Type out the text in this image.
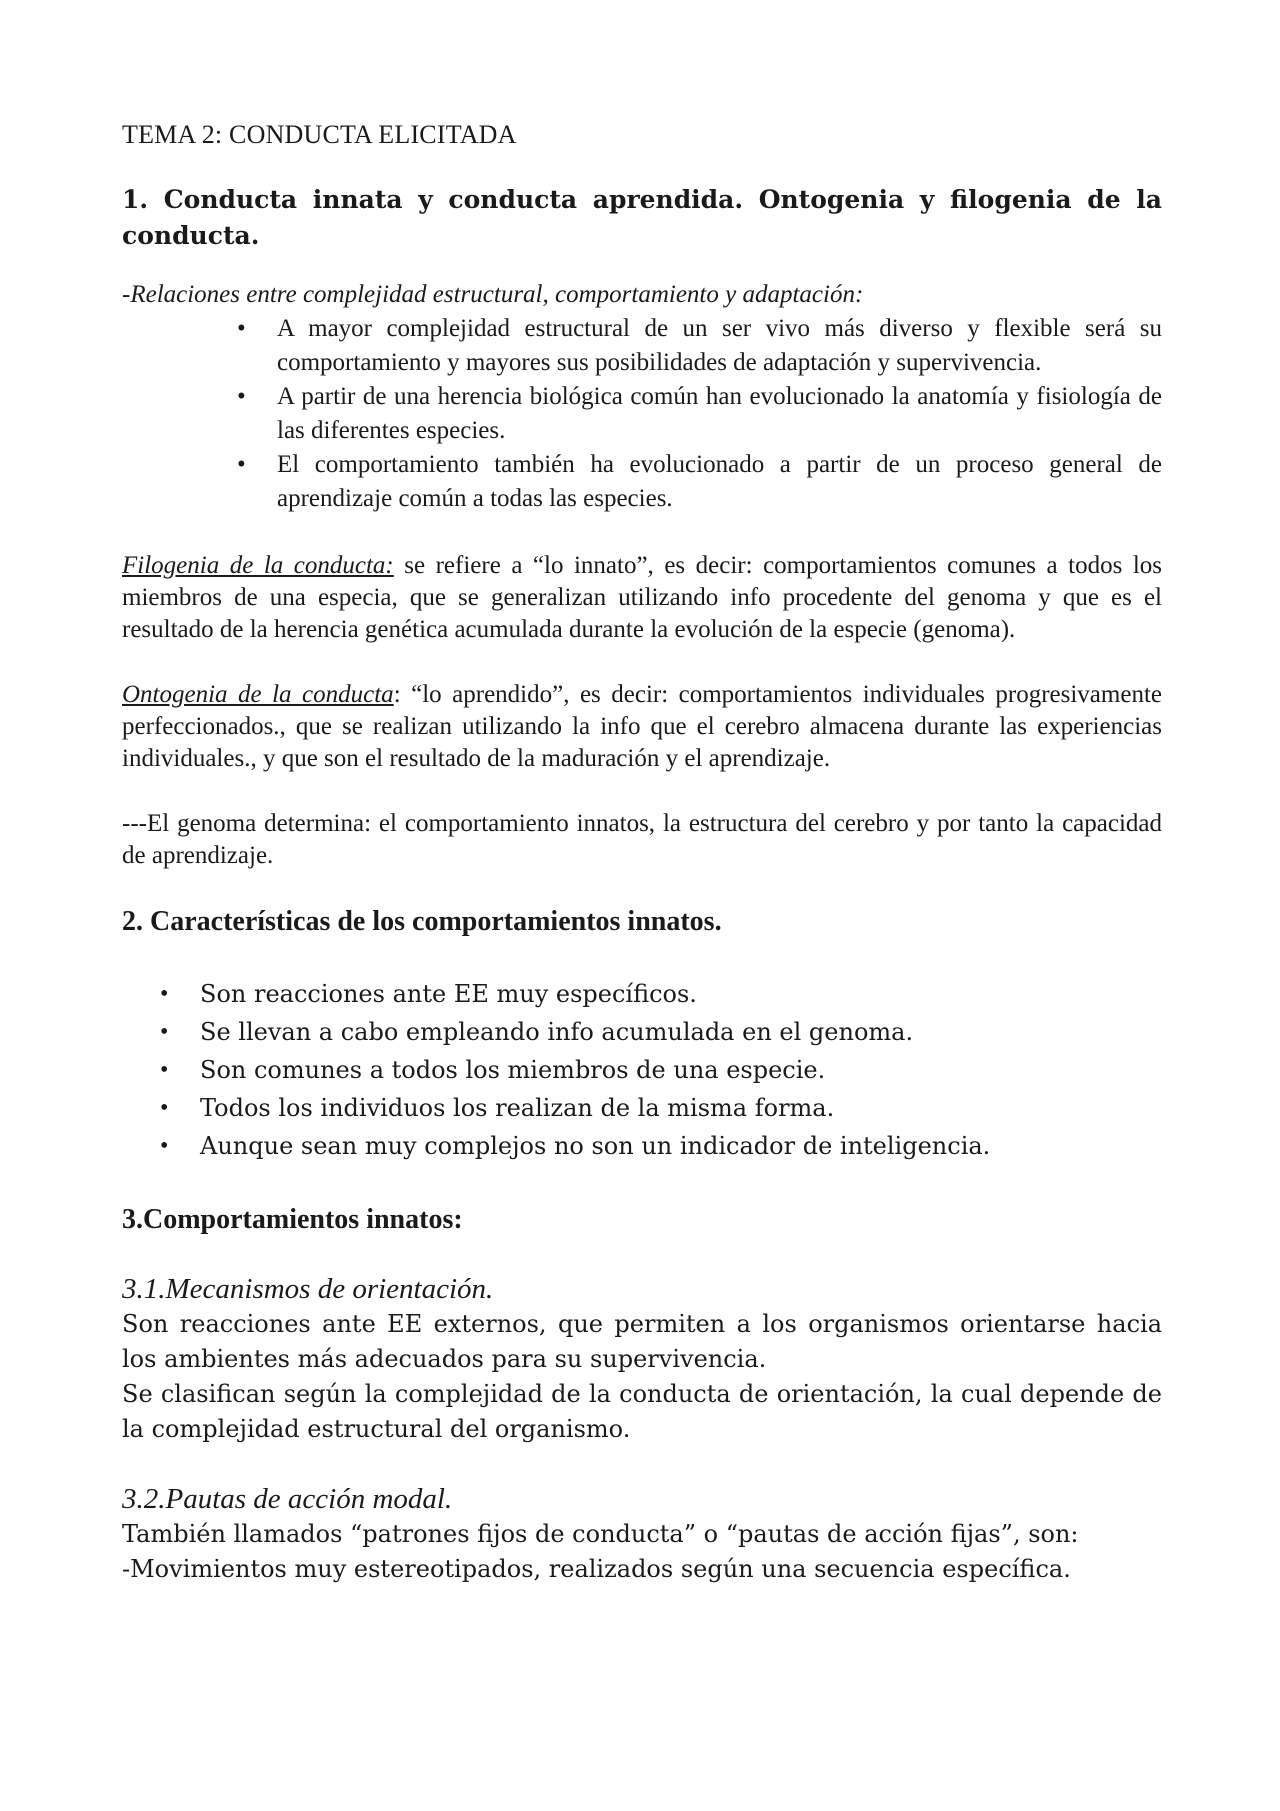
TEMA 2: CONDUCTA ELICITADA
1. Conducta innata y conducta aprendida. Ontogenia y filogenia de la conducta.
-Relaciones entre complejidad estructural, comportamiento y adaptación:
• A mayor complejidad estructural de un ser vivo más diverso y flexible será su comportamiento y mayores sus posibilidades de adaptación y supervivencia.
• A partir de una herencia biológica común han evolucionado la anatomía y fisiología de las diferentes especies.
• El comportamiento también ha evolucionado a partir de un proceso general de aprendizaje común a todas las especies.

Filogenia de la conducta: se refiere a “lo innato”, es decir: comportamientos comunes a todos los miembros de una especia, que se generalizan utilizando info procedente del genoma y que es el resultado de la herencia genética acumulada durante la evolución de la especie (genoma).

Ontogenia de la conducta: “lo aprendido”, es decir: comportamientos individuales progresivamente perfeccionados., que se realizan utilizando la info que el cerebro almacena durante las experiencias individuales., y que son el resultado de la maduración y el aprendizaje.

---El genoma determina: el comportamiento innatos, la estructura del cerebro y por tanto la capacidad de aprendizaje.

2. Características de los comportamientos innatos.
• Son reacciones ante EE muy específicos.
• Se llevan a cabo empleando info acumulada en el genoma.
• Son comunes a todos los miembros de una especie.
• Todos los individuos los realizan de la misma forma.
• Aunque sean muy complejos no son un indicador de inteligencia.
3.Comportamientos innatos:
3.1.Mecanismos de orientación.

Son reacciones ante EE externos, que permiten a los organismos orientarse hacia los ambientes más adecuados para su supervivencia.

Se clasifican según la complejidad de la conducta de orientación, la cual depende de la complejidad estructural del organismo.

3.2.Pautas de acción modal.

También llamados “patrones fijos de conducta” o “pautas de acción fijas”, son:

-Movimientos muy estereotipados, realizados según una secuencia específica.
